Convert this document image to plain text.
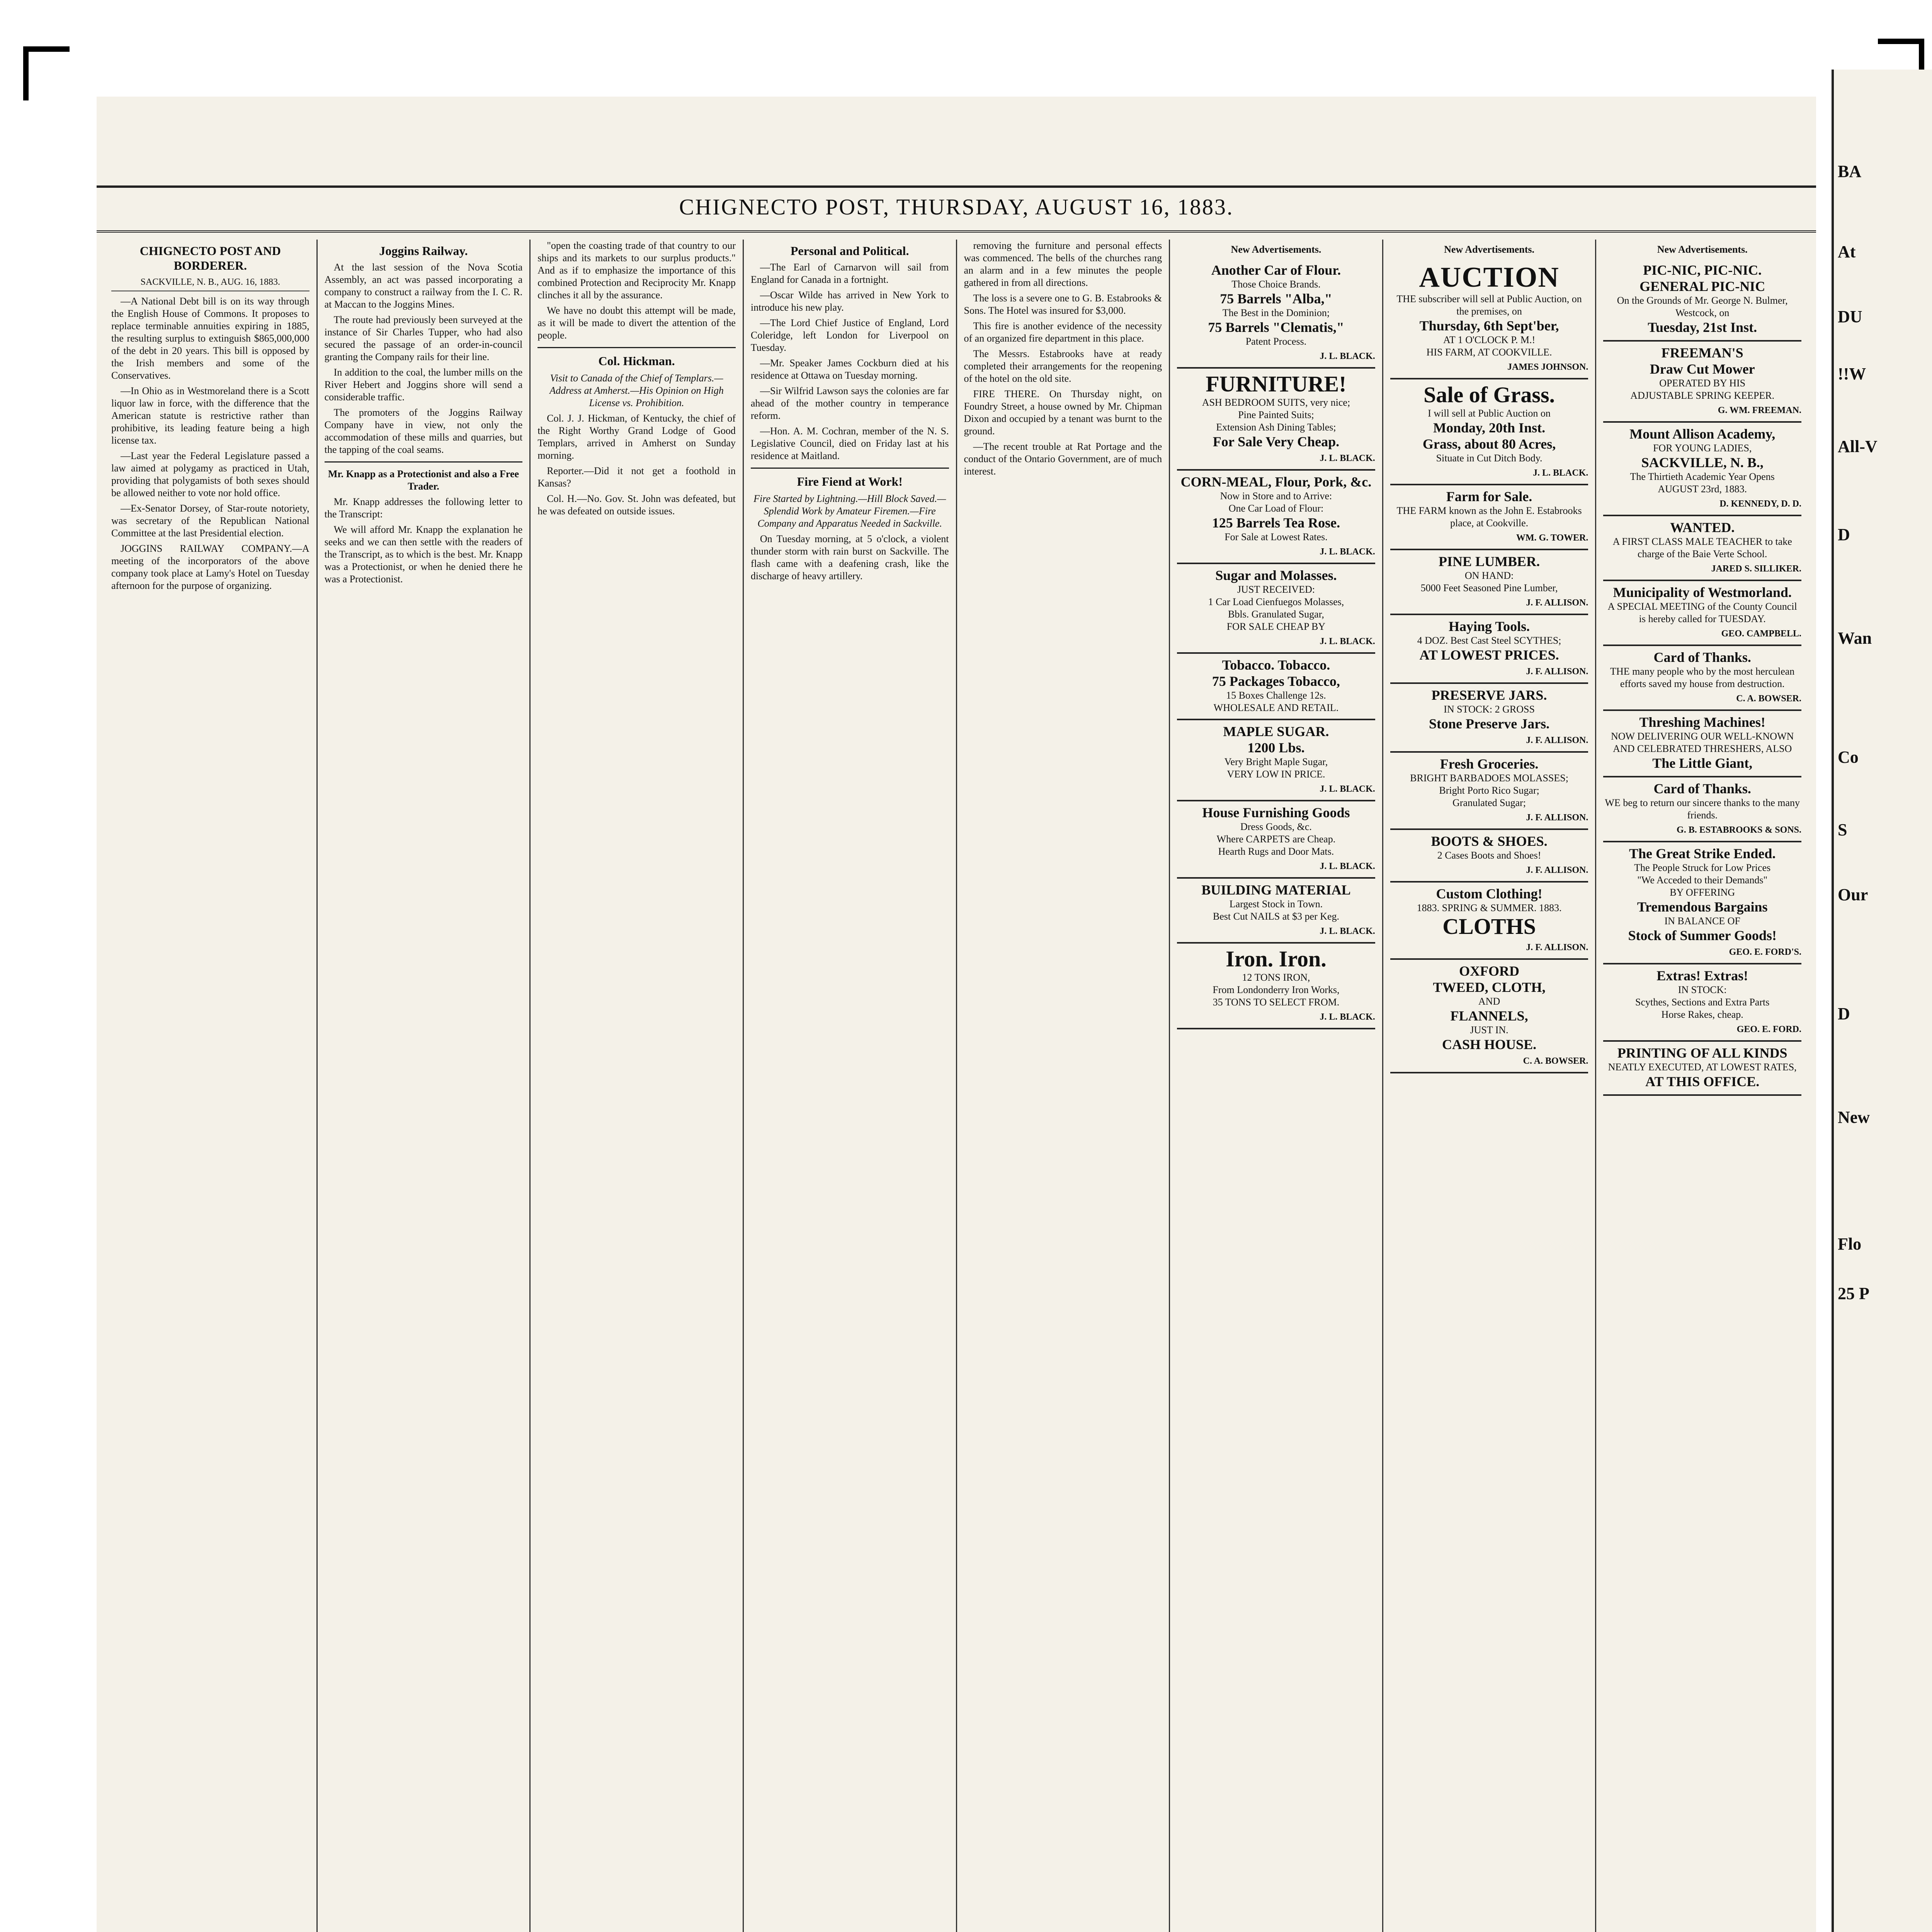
CHIGNECTO POST, THURSDAY, AUGUST 16, 1883.
CHIGNECTO POST AND BORDERER.
SACKVILLE, N. B., AUG. 16, 1883.

—A National Debt bill is on its way through the English House of Commons. It proposes to replace terminable annuities expiring in 1885, the resulting surplus to extinguish $865,000,000 of the debt in 20 years. This bill is opposed by the Irish members and some of the Conservatives.

—In Ohio as in Westmoreland there is a Scott liquor law in force, with the difference that the American statute is restrictive rather than prohibitive, its leading feature being a high license tax.

—Last year the Federal Legislature passed a law aimed at polygamy as practiced in Utah, providing that polygamists of both sexes should be allowed neither to vote nor hold office.

—Ex-Senator Dorsey, of Star-route notoriety, was secretary of the Republican National Committee at the last Presidential election.

JOGGINS RAILWAY COMPANY.—A meeting of the incorporators of the above company took place at Lamy's Hotel on Tuesday afternoon for the purpose of organizing.

Joggins Railway.

At the last session of the Nova Scotia Assembly, an act was passed incorporating a company to construct a railway from the I. C. R. at Maccan to the Joggins Mines.

The route had previously been surveyed at the instance of Sir Charles Tupper, who had also secured the passage of an order-in-council granting the Company rails for their line.

In addition to the coal, the lumber mills on the River Hebert and Joggins shore will send a considerable traffic.

The promoters of the Joggins Railway Company have in view, not only the accommodation of these mills and quarries, but the tapping of the coal seams.

Mr. Knapp as a Protectionist and also a Free Trader.

Mr. Knapp addresses the following letter to the Transcript:

We will afford Mr. Knapp the explanation he seeks and we can then settle with the readers of the Transcript, as to which is the best. Mr. Knapp was a Protectionist, or when he denied there he was a Protectionist.

"open the coasting trade of that country to our ships and its markets to our surplus products." And as if to emphasize the importance of this combined Protection and Reciprocity Mr. Knapp clinches it all by the assurance.

We have no doubt this attempt will be made, as it will be made to divert the attention of the people.

Col. Hickman.
Visit to Canada of the Chief of Templars.—Address at Amherst.—His Opinion on High License vs. Prohibition.

Col. J. J. Hickman, of Kentucky, the chief of the Right Worthy Grand Lodge of Good Templars, arrived in Amherst on Sunday morning.

Reporter.—Did it not get a foothold in Kansas?

Col. H.—No. Gov. St. John was defeated, but he was defeated on outside issues.

Personal and Political.

—The Earl of Carnarvon will sail from England for Canada in a fortnight.

—Oscar Wilde has arrived in New York to introduce his new play.

—The Lord Chief Justice of England, Lord Coleridge, left London for Liverpool on Tuesday.

—Mr. Speaker James Cockburn died at his residence at Ottawa on Tuesday morning.

—Sir Wilfrid Lawson says the colonies are far ahead of the mother country in temperance reform.

—Hon. A. M. Cochran, member of the N. S. Legislative Council, died on Friday last at his residence at Maitland.

Fire Fiend at Work!
Fire Started by Lightning.—Hill Block Saved.—Splendid Work by Amateur Firemen.—Fire Company and Apparatus Needed in Sackville.

On Tuesday morning, at 5 o'clock, a violent thunder storm with rain burst on Sackville. The flash came with a deafening crash, like the discharge of heavy artillery.

removing the furniture and personal effects was commenced. The bells of the churches rang an alarm and in a few minutes the people gathered in from all directions.

The loss is a severe one to G. B. Estabrooks & Sons. The Hotel was insured for $3,000.

This fire is another evidence of the necessity of an organized fire department in this place.

The Messrs. Estabrooks have at ready completed their arrangements for the reopening of the hotel on the old site.

FIRE THERE. On Thursday night, on Foundry Street, a house owned by Mr. Chipman Dixon and occupied by a tenant was burnt to the ground.

—The recent trouble at Rat Portage and the conduct of the Ontario Government, are of much interest.

New Advertisements.
Another Car of Flour.
Those Choice Brands.
75 Barrels "Alba,"
The Best in the Dominion;
75 Barrels "Clematis,"
Patent Process.
J. L. BLACK.
FURNITURE!
ASH BEDROOM SUITS, very nice;
Pine Painted Suits;
Extension Ash Dining Tables;
For Sale Very Cheap.
J. L. BLACK.
CORN-MEAL, Flour, Pork, &c.
Now in Store and to Arrive:
One Car Load of Flour:
125 Barrels Tea Rose.
For Sale at Lowest Rates.
J. L. BLACK.
Sugar and Molasses.
JUST RECEIVED:
1 Car Load Cienfuegos Molasses,
Bbls. Granulated Sugar,
FOR SALE CHEAP BY
J. L. BLACK.
Tobacco. Tobacco.
75 Packages Tobacco,
15 Boxes Challenge 12s.
WHOLESALE AND RETAIL.
MAPLE SUGAR.
1200 Lbs.
Very Bright Maple Sugar,
VERY LOW IN PRICE.
J. L. BLACK.
House Furnishing Goods
Dress Goods, &c.
Where CARPETS are Cheap.
Hearth Rugs and Door Mats.
J. L. BLACK.
BUILDING MATERIAL
Largest Stock in Town.
Best Cut NAILS at $3 per Keg.
J. L. BLACK.
Iron. Iron.
12 TONS IRON,
From Londonderry Iron Works,
35 TONS TO SELECT FROM.
J. L. BLACK.
New Advertisements.
AUCTION
THE subscriber will sell at Public Auction, on the premises, on
Thursday, 6th Sept'ber,
AT 1 O'CLOCK P. M.!
HIS FARM, AT COOKVILLE.
JAMES JOHNSON.
Sale of Grass.
I will sell at Public Auction on
Monday, 20th Inst.
Grass, about 80 Acres,
Situate in Cut Ditch Body.
J. L. BLACK.
Farm for Sale.
THE FARM known as the John E. Estabrooks place, at Cookville.
WM. G. TOWER.
PINE LUMBER.
ON HAND:
5000 Feet Seasoned Pine Lumber,
J. F. ALLISON.
Haying Tools.
4 DOZ. Best Cast Steel SCYTHES;
AT LOWEST PRICES.
J. F. ALLISON.
PRESERVE JARS.
IN STOCK: 2 GROSS
Stone Preserve Jars.
J. F. ALLISON.
Fresh Groceries.
BRIGHT BARBADOES MOLASSES;
Bright Porto Rico Sugar;
Granulated Sugar;
J. F. ALLISON.
BOOTS & SHOES.
2 Cases Boots and Shoes!
J. F. ALLISON.
Custom Clothing!
1883. SPRING & SUMMER. 1883.
CLOTHS
J. F. ALLISON.
OXFORD
TWEED, CLOTH,
AND
FLANNELS,
JUST IN.
CASH HOUSE.
C. A. BOWSER.
New Advertisements.
PIC-NIC, PIC-NIC.
GENERAL PIC-NIC
On the Grounds of Mr. George N. Bulmer, Westcock, on
Tuesday, 21st Inst.
FREEMAN'S
Draw Cut Mower
OPERATED BY HIS
ADJUSTABLE SPRING KEEPER.
G. WM. FREEMAN.
Mount Allison Academy,
FOR YOUNG LADIES,
SACKVILLE, N. B.,
The Thirtieth Academic Year Opens
AUGUST 23rd, 1883.
D. KENNEDY, D. D.
WANTED.
A FIRST CLASS MALE TEACHER to take charge of the Baie Verte School.
JARED S. SILLIKER.
Municipality of Westmorland.
A SPECIAL MEETING of the County Council is hereby called for TUESDAY.
GEO. CAMPBELL.
Card of Thanks.
THE many people who by the most herculean efforts saved my house from destruction.
C. A. BOWSER.
Threshing Machines!
NOW DELIVERING OUR WELL-KNOWN AND CELEBRATED THRESHERS, ALSO
The Little Giant,
Card of Thanks.
WE beg to return our sincere thanks to the many friends.
G. B. ESTABROOKS & SONS.
The Great Strike Ended.
The People Struck for Low Prices
"We Acceded to their Demands"
BY OFFERING
Tremendous Bargains
IN BALANCE OF
Stock of Summer Goods!
GEO. E. FORD'S.
Extras! Extras!
IN STOCK:
Scythes, Sections and Extra Parts
Horse Rakes, cheap.
GEO. E. FORD.
PRINTING OF ALL KINDS
NEATLY EXECUTED, AT LOWEST RATES,
AT THIS OFFICE.
BA
At
DU
!!W
All-V
D
Wan
Co
S
Our
D
New
Flo
25 P
